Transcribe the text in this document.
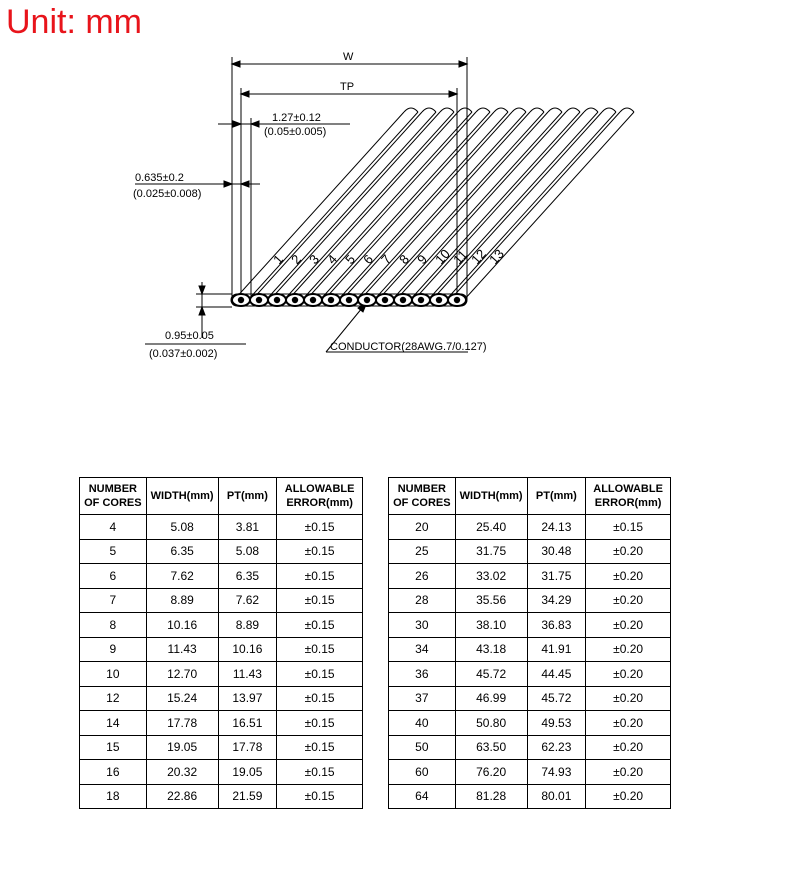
Unit: mm
1 2 3 4 5 6 7 8 9 10
11
12
13
W
TP
1.27±0.12
(0.05±0.005)
0.635±0.2
(0.025±0.008)
0.95±0.05
(0.037±0.002)
CONDUCTOR(28AWG.7/0.127)
NUMBER OF CORES	WIDTH(mm)	PT(mm)	ALLOWABLE ERROR(mm)
4	5.08	3.81	±0.15
5	6.35	5.08	±0.15
6	7.62	6.35	±0.15
7	8.89	7.62	±0.15
8	10.16	8.89	±0.15
9	11.43	10.16	±0.15
10	12.70	11.43	±0.15
12	15.24	13.97	±0.15
14	17.78	16.51	±0.15
15	19.05	17.78	±0.15
16	20.32	19.05	±0.15
18	22.86	21.59	±0.15
NUMBER OF CORES	WIDTH(mm)	PT(mm)	ALLOWABLE ERROR(mm)
20	25.40	24.13	±0.15
25	31.75	30.48	±0.20
26	33.02	31.75	±0.20
28	35.56	34.29	±0.20
30	38.10	36.83	±0.20
34	43.18	41.91	±0.20
36	45.72	44.45	±0.20
37	46.99	45.72	±0.20
40	50.80	49.53	±0.20
50	63.50	62.23	±0.20
60	76.20	74.93	±0.20
64	81.28	80.01	±0.20
